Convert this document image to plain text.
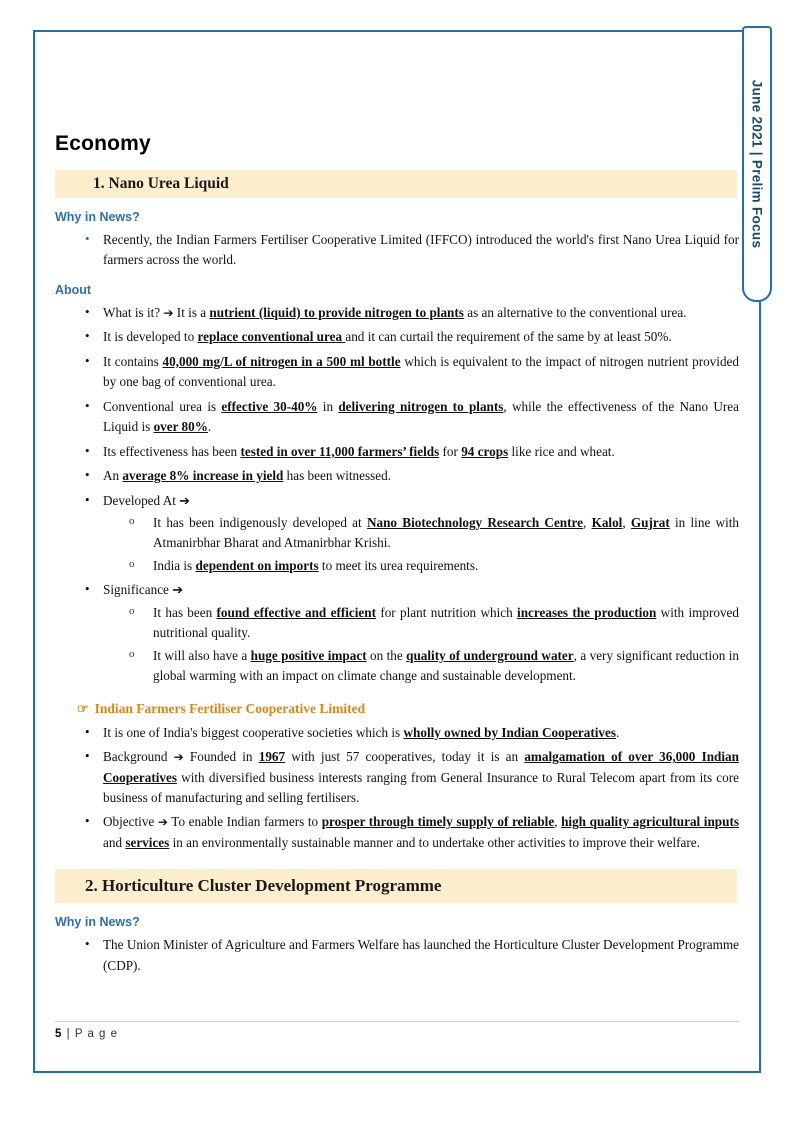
June 2021 | Prelim Focus
Economy
1. Nano Urea Liquid
Why in News?
• Recently, the Indian Farmers Fertiliser Cooperative Limited (IFFCO) introduced the world's first Nano Urea Liquid for farmers across the world.
About
• What is it? ➔ It is a nutrient (liquid) to provide nitrogen to plants as an alternative to the conventional urea.
• It is developed to replace conventional urea and it can curtail the requirement of the same by at least 50%.
• It contains 40,000 mg/L of nitrogen in a 500 ml bottle which is equivalent to the impact of nitrogen nutrient provided by one bag of conventional urea.
• Conventional urea is effective 30-40% in delivering nitrogen to plants, while the effectiveness of the Nano Urea Liquid is over 80%.
• Its effectiveness has been tested in over 11,000 farmers’ fields for 94 crops like rice and wheat.
• An average 8% increase in yield has been witnessed.
• Developed At ➔
ᴏ It has been indigenously developed at Nano Biotechnology Research Centre, Kalol, Gujrat in line with Atmanirbhar Bharat and Atmanirbhar Krishi.
ᴏ India is dependent on imports to meet its urea requirements.
• Significance ➔
ᴏ It has been found effective and efficient for plant nutrition which increases the production with improved nutritional quality.
ᴏ It will also have a huge positive impact on the quality of underground water, a very significant reduction in global warming with an impact on climate change and sustainable development.
☞ Indian Farmers Fertiliser Cooperative Limited
• It is one of India's biggest cooperative societies which is wholly owned by Indian Cooperatives.
• Background ➔ Founded in 1967 with just 57 cooperatives, today it is an amalgamation of over 36,000 Indian Cooperatives with diversified business interests ranging from General Insurance to Rural Telecom apart from its core business of manufacturing and selling fertilisers.
• Objective ➔ To enable Indian farmers to prosper through timely supply of reliable, high quality agricultural inputs and services in an environmentally sustainable manner and to undertake other activities to improve their welfare.
2. Horticulture Cluster Development Programme
Why in News?
• The Union Minister of Agriculture and Farmers Welfare has launched the Horticulture Cluster Development Programme (CDP).
5 | P a g e
